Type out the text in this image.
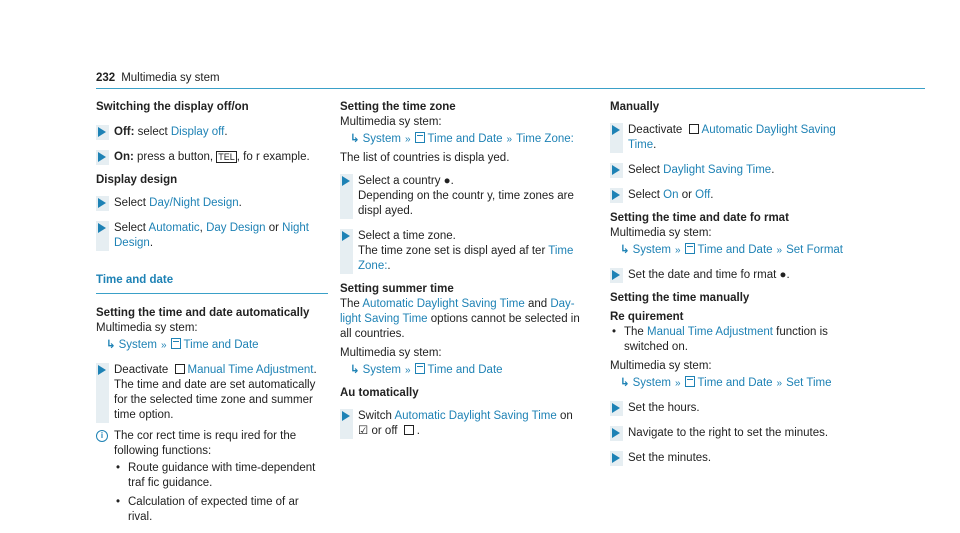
232 Multimedia sy stem
Switching the display off/on
Off: select Display off.
On: press a button, TEL , fo r example.
Display design
Select Day/Night Design.
Select Automatic, Day Design or Night Design.
Time and date
Setting the time and date automatically
Multimedia sy stem:
↳ System » Time and Date
Deactivate Manual Time Adjustment.
The time and date are set automatically for the selected time zone and summer time option.
i The cor rect time is requ ired for the following functions:
• Route guidance with time-dependent traf fic guidance.
• Calculation of expected time of ar rival.
Setting the time zone
Multimedia sy stem:
↳ System » Time and Date » Time Zone:
The list of countries is displa yed.
Select a country ●.
Depending on the countr y, time zones are displ ayed.
Select a time zone.
The time zone set is displ ayed af ter Time Zone:.
Setting summer time
The Automatic Daylight Saving Time and Day- light Saving Time options cannot be selected in all countries.
Multimedia sy stem:
↳ System » Time and Date
Au tomatically
Switch Automatic Daylight Saving Time on
☑ or off .
Manually
Deactivate Automatic Daylight Saving Time.
Select Daylight Saving Time.
Select On or Off.
Setting the time and date fo rmat
Multimedia sy stem:
↳ System » Time and Date » Set Format
Set the date and time fo rmat ●.
Setting the time manually
Re quirement
• The Manual Time Adjustment function is switched on.
Multimedia sy stem:
↳ System » Time and Date » Set Time
Set the hours.
Navigate to the right to set the minutes.
Set the minutes.
